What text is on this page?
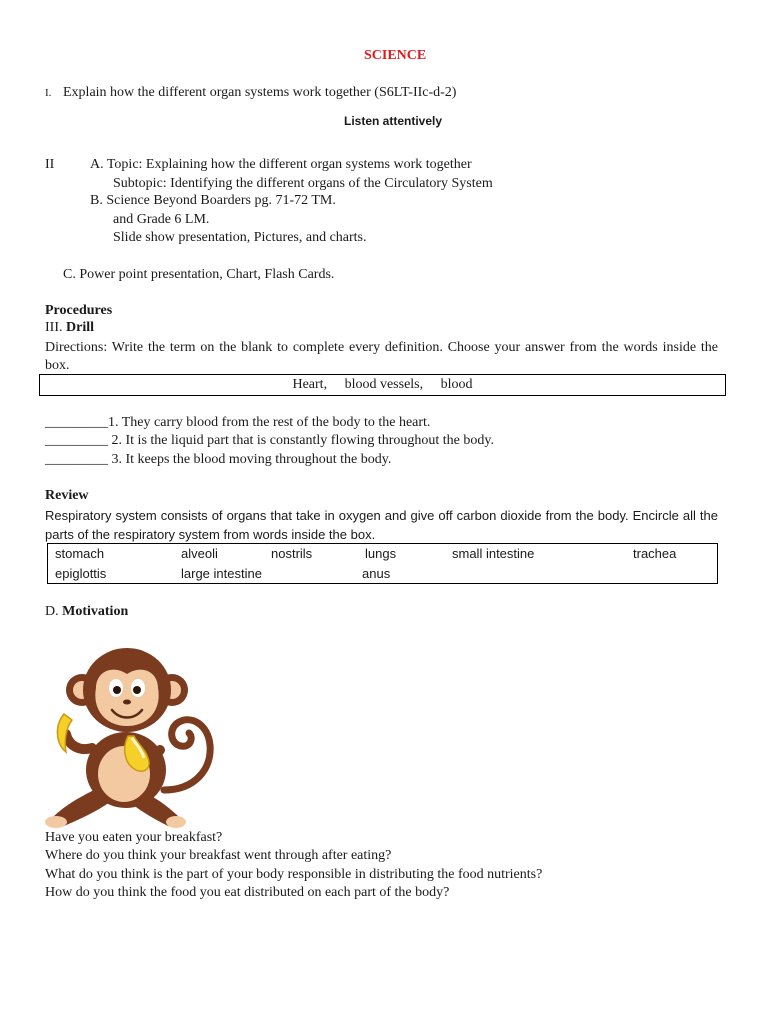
SCIENCE
I. Explain how the different organ systems work together (S6LT-IIc-d-2)
Listen attentively
II	A. Topic: Explaining how the different organ systems work together
Subtopic: Identifying the different organs of the Circulatory System
B. Science Beyond Boarders pg. 71-72 TM.
and Grade 6 LM.
Slide show presentation, Pictures, and charts.
C. Power point presentation, Chart, Flash Cards.
Procedures
III. Drill
Directions: Write the term on the blank to complete every definition. Choose your answer from the words inside the box.
Heart,     blood vessels,     blood
_________1. They carry blood from the rest of the body to the heart.
_________ 2. It is the liquid part that is constantly flowing throughout the body.
_________ 3. It keeps the blood moving throughout the body.
Review
Respiratory system consists of organs that take in oxygen and give off carbon dioxide from the body. Encircle all the parts of the respiratory system from words inside the box.
stomach	alveoli	nostrils	lungs	small intestine	trachea
epiglottis	large intestine	anus
D. Motivation
Have you eaten your breakfast?
Where do you think your breakfast went through after eating?
What do you think is the part of your body responsible in distributing the food nutrients?
How do you think the food you eat distributed on each part of the body?
